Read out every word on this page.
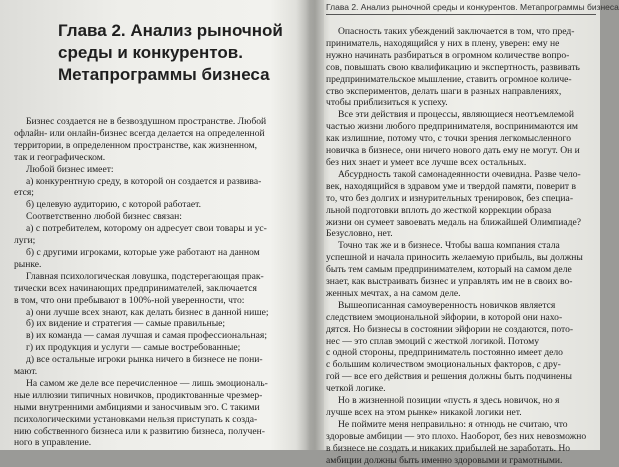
Глава 2. Анализ рыночной
среды и конкурентов.
Метапрограммы бизнеса

Бизнес создается не в безвоздушном пространстве. Любой

офлайн- или онлайн-бизнес всегда делается на определенной

территории, в определенном пространстве, как жизненном,

так и географическом.

Любой бизнес имеет:

а) конкурентную среду, в которой он создается и развива-

ется;

б) целевую аудиторию, с которой работает.

Соответственно любой бизнес связан:

а) с потребителем, которому он адресует свои товары и ус-

луги;

б) с другими игроками, которые уже работают на данном

рынке.

Главная психологическая ловушка, подстерегающая прак-

тически всех начинающих предпринимателей, заключается

в том, что они пребывают в 100%-ной уверенности, что:

а) они лучше всех знают, как делать бизнес в данной нише;

б) их видение и стратегия — самые правильные;

в) их команда — самая лучшая и самая профессиональная;

г) их продукция и услуги — самые востребованные;

д) все остальные игроки рынка ничего в бизнесе не пони-

мают.

На самом же деле все перечисленное — лишь эмоциональ-

ные иллюзии типичных новичков, продиктованные чрезмер-

ными внутренними амбициями и заносчивым эго. С такими

психологическими установками нельзя приступать к созда-

нию собственного бизнеса или к развитию бизнеса, получен-

ного в управление.

Глава 2. Анализ рыночной среды и конкурентов. Метапрограммы бизнеса

Опасность таких убеждений заключается в том, что пред-

приниматель, находящийся у них в плену, уверен: ему не

нужно начинать разбираться в огромном количестве вопро-

сов, повышать свою квалификацию и экспертность, развивать

предпринимательское мышление, ставить огромное количе-

ство экспериментов, делать шаги в разных направлениях,

чтобы приблизиться к успеху.

Все эти действия и процессы, являющиеся неотъемлемой

частью жизни любого предпринимателя, воспринимаются им

как излишние, потому что, с точки зрения легкомысленного

новичка в бизнесе, они ничего нового дать ему не могут. Он и

без них знает и умеет все лучше всех остальных.

Абсурдность такой самонадеянности очевидна. Разве чело-

век, находящийся в здравом уме и твердой памяти, поверит в

то, что без долгих и изнурительных тренировок, без специа-

льной подготовки вплоть до жесткой коррекции образа

жизни он сумеет завоевать медаль на ближайшей Олимпиаде?

Безусловно, нет.

Точно так же и в бизнесе. Чтобы ваша компания стала

успешной и начала приносить желаемую прибыль, вы должны

быть тем самым предпринимателем, который на самом деле

знает, как выстраивать бизнес и управлять им не в своих во-

женных мечтах, а на самом деле.

Вышеописанная самоуверенность новичков является

следствием эмоциональной эйфории, в которой они нахо-

дятся. Но бизнесы в состоянии эйфории не создаются, пото-

нес — это сплав эмоций с жесткой логикой. Потому

с одной стороны, предприниматель постоянно имеет дело

с большим количеством эмоциональных факторов, с дру-

гой — все его действия и решения должны быть подчинены

четкой логике.

Но в жизненной позиции «пусть я здесь новичок, но я

лучше всех на этом рынке» никакой логики нет.

Не поймите меня неправильно: я отнюдь не считаю, что

здоровые амбиции — это плохо. Наоборот, без них невозможно

в бизнесе не создать и никаких прибылей не заработать. Но

амбиции должны быть именно здоровыми и грамотными.
